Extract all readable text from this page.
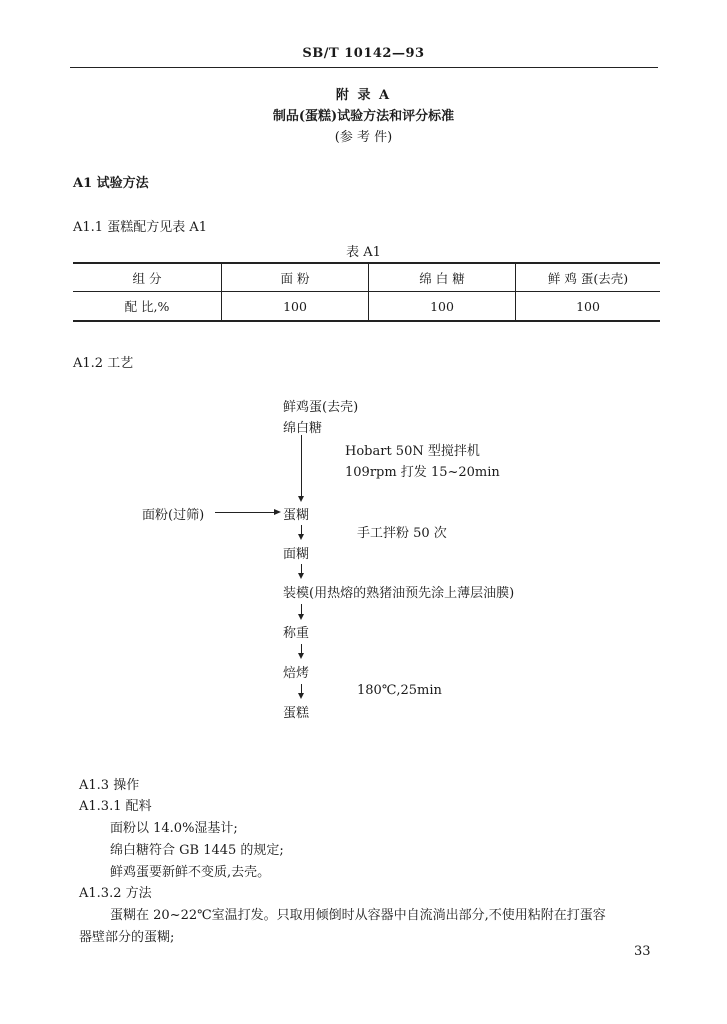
SB/T 10142—93
附 录 A
制品(蛋糕)试验方法和评分标准
(参 考 件)
A1 试验方法
A1.1 蛋糕配方见表 A1
表 A1
组 分	面 粉	绵 白 糖	鲜 鸡 蛋(去壳)
配 比,%	100	100	100
A1.2 工艺
鲜鸡蛋(去壳)
绵白糖
Hobart 50N 型搅拌机
109rpm 打发 15~20min
面粉(过筛)	蛋糊
手工拌粉 50 次
面糊
装模(用热熔的熟猪油预先涂上薄层油膜)
称重
焙烤
180℃,25min
蛋糕
A1.3 操作
A1.3.1 配料
面粉以 14.0%湿基计;
绵白糖符合 GB 1445 的规定;
鲜鸡蛋要新鲜不变质,去壳。
A1.3.2 方法
蛋糊在 20~22℃室温打发。只取用倾倒时从容器中自流淌出部分,不使用粘附在打蛋容
器壁部分的蛋糊;
33
